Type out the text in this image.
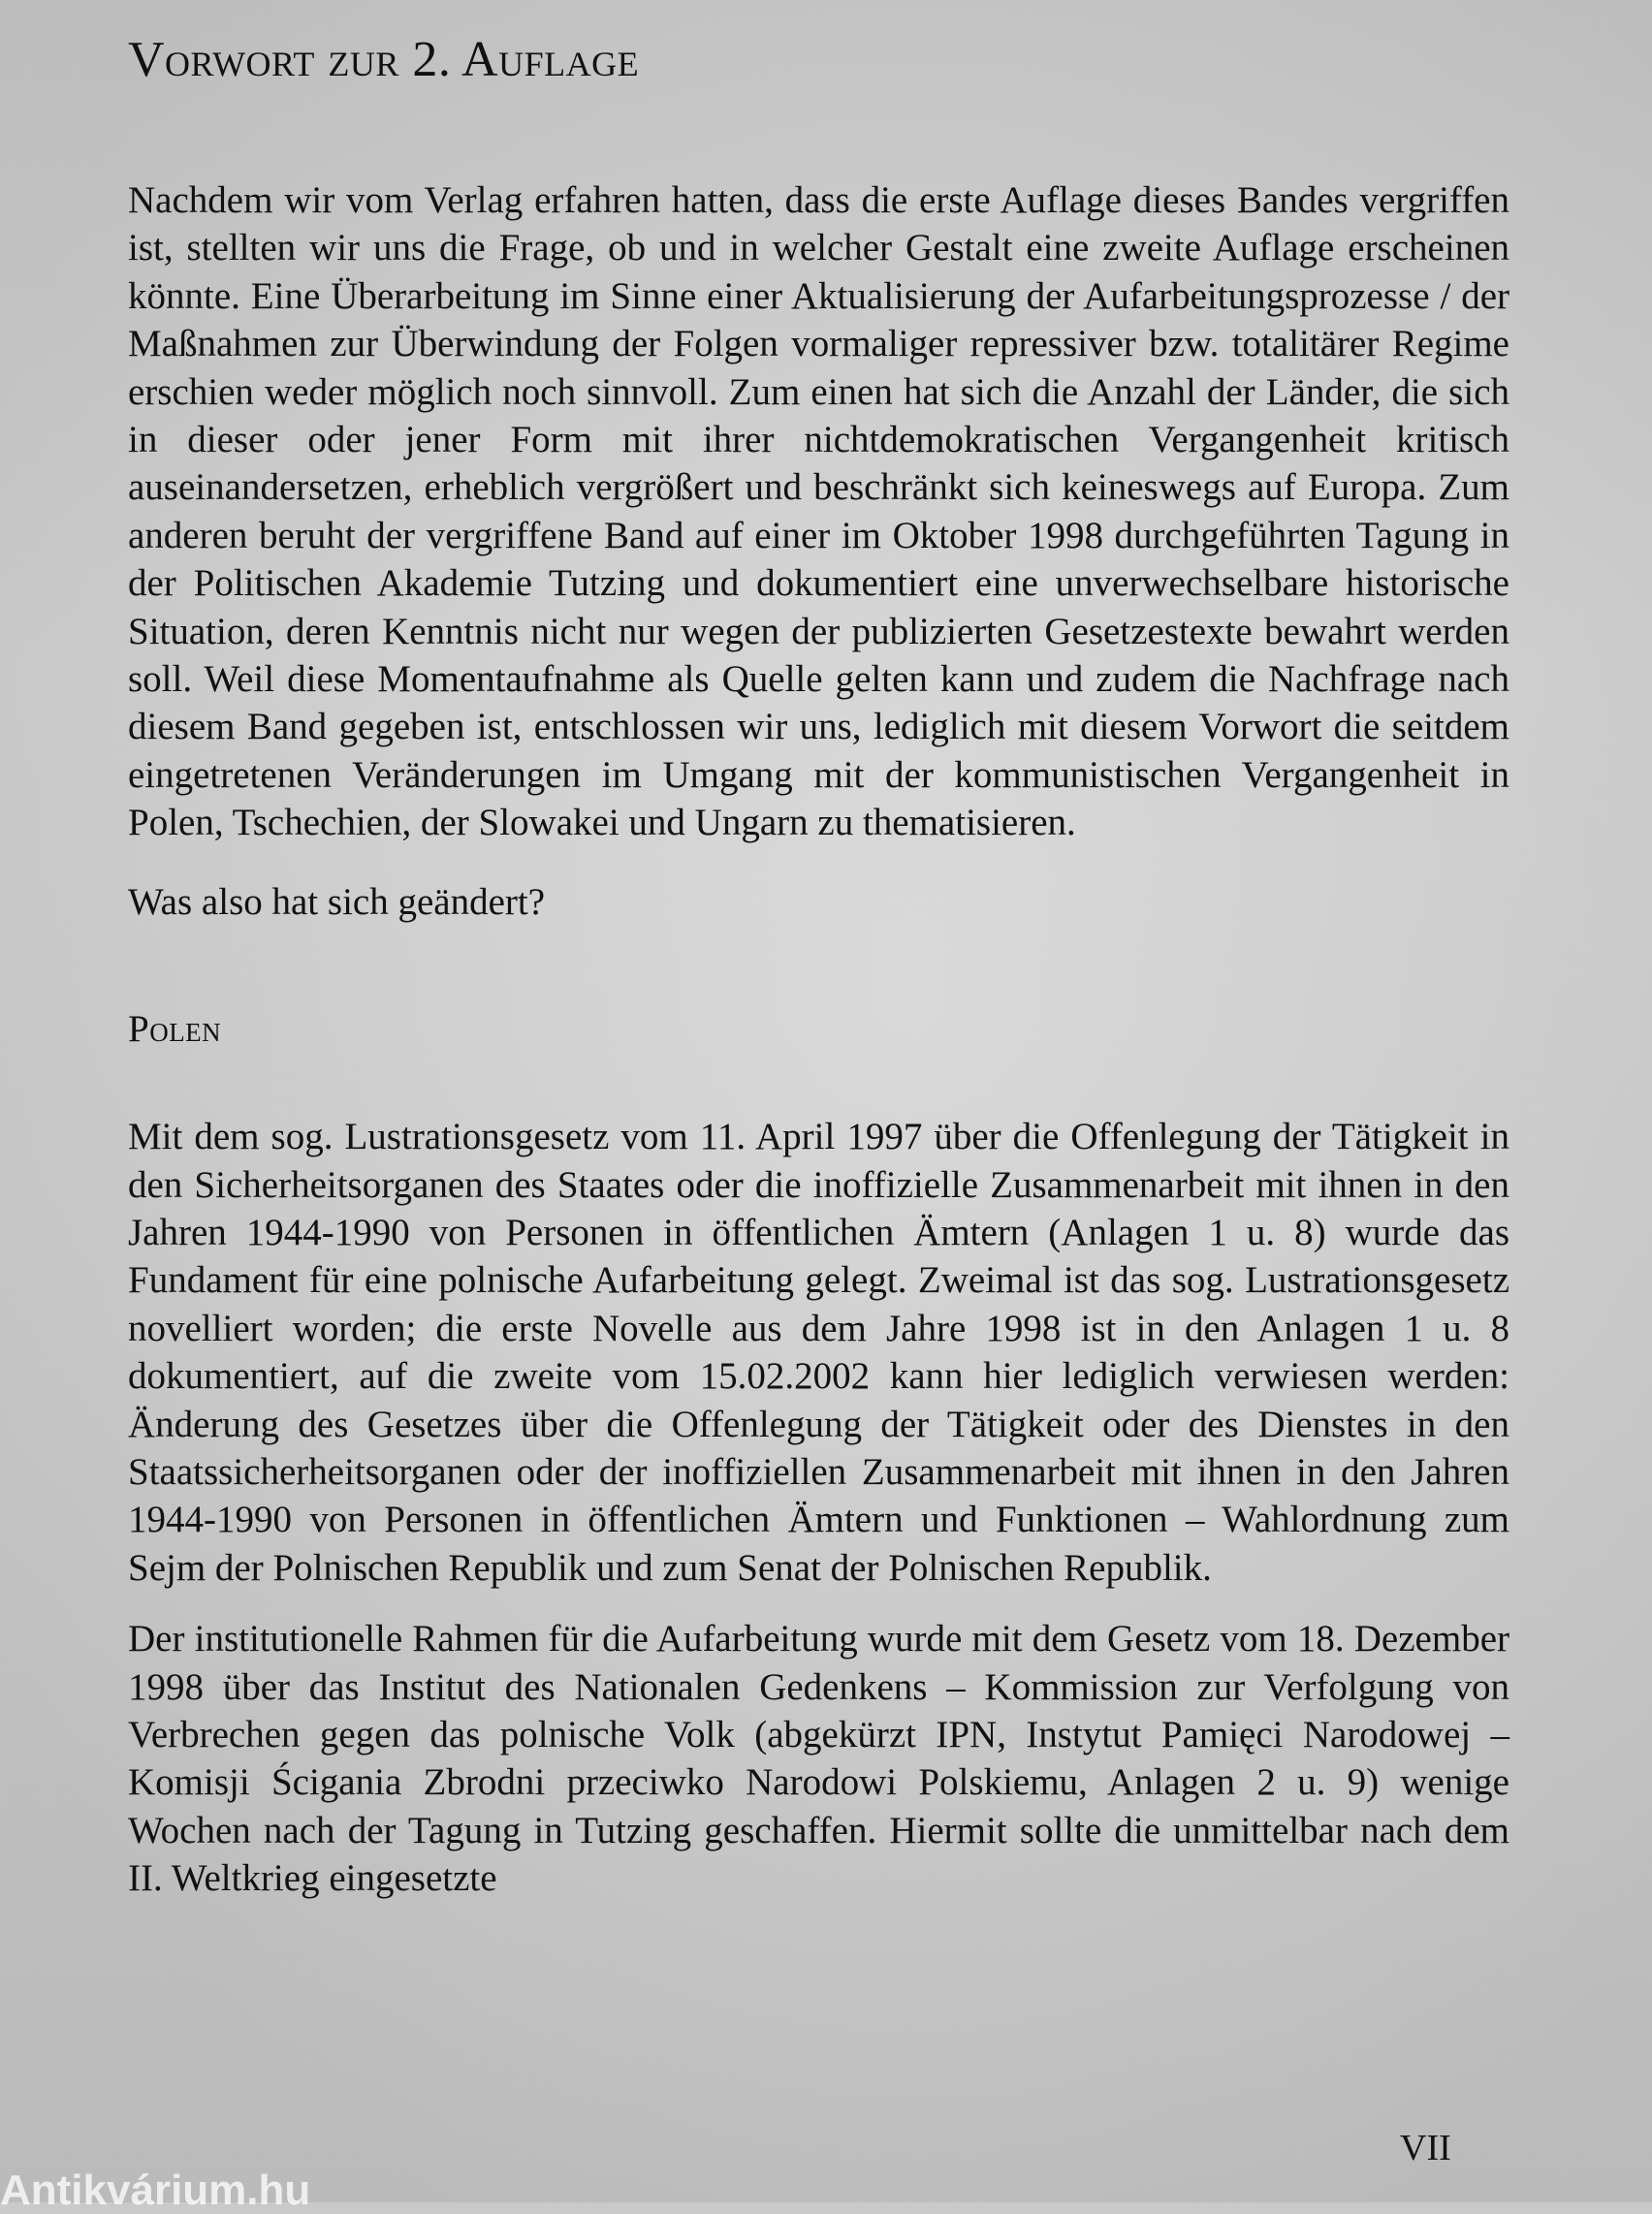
Vorwort zur 2. Auflage

Nachdem wir vom Verlag erfahren hatten, dass die erste Auflage dieses Bandes vergriffen ist, stellten wir uns die Frage, ob und in welcher Gestalt eine zweite Auflage erscheinen könnte. Eine Überarbeitung im Sinne einer Aktualisierung der Aufarbeitungsprozesse / der Maßnahmen zur Überwindung der Folgen vormaliger repressiver bzw. totalitärer Regime erschien weder möglich noch sinnvoll. Zum einen hat sich die Anzahl der Länder, die sich in dieser oder jener Form mit ihrer nichtdemokratischen Vergangenheit kritisch auseinandersetzen, erheblich vergrößert und beschränkt sich keineswegs auf Europa. Zum anderen beruht der vergriffene Band auf einer im Oktober 1998 durchgeführten Tagung in der Politischen Akademie Tutzing und dokumentiert eine unverwechselbare historische Situation, deren Kenntnis nicht nur wegen der publizierten Gesetzestexte bewahrt werden soll. Weil diese Momentaufnahme als Quelle gelten kann und zudem die Nachfrage nach diesem Band gegeben ist, entschlossen wir uns, lediglich mit diesem Vorwort die seitdem eingetretenen Veränderungen im Umgang mit der kommunistischen Vergangenheit in Polen, Tschechien, der Slowakei und Ungarn zu thematisieren.

Was also hat sich geändert?

Polen

Mit dem sog. Lustrationsgesetz vom 11. April 1997 über die Offenlegung der Tätigkeit in den Sicherheitsorganen des Staates oder die inoffizielle Zusammenarbeit mit ihnen in den Jahren 1944-1990 von Personen in öffentlichen Ämtern (Anlagen 1 u. 8) wurde das Fundament für eine polnische Aufarbeitung gelegt. Zweimal ist das sog. Lustrationsgesetz novelliert worden; die erste Novelle aus dem Jahre 1998 ist in den Anlagen 1 u. 8 dokumentiert, auf die zweite vom 15.02.2002 kann hier lediglich verwiesen werden: Änderung des Gesetzes über die Offenlegung der Tätigkeit oder des Dienstes in den Staatssicherheitsorganen oder der inoffiziellen Zusammenarbeit mit ihnen in den Jahren 1944-1990 von Personen in öffentlichen Ämtern und Funktionen – Wahlordnung zum Sejm der Polnischen Republik und zum Senat der Polnischen Republik.

Der institutionelle Rahmen für die Aufarbeitung wurde mit dem Gesetz vom 18. Dezember 1998 über das Institut des Nationalen Gedenkens – Kommission zur Verfolgung von Verbrechen gegen das polnische Volk (abgekürzt IPN, Instytut Pamięci Narodowej – Komisji Ścigania Zbrodni przeciwko Narodowi Polskiemu, Anlagen 2 u. 9) wenige Wochen nach der Tagung in Tutzing geschaffen. Hiermit sollte die unmittelbar nach dem II. Weltkrieg eingesetzte

VII
Antikvárium.hu
